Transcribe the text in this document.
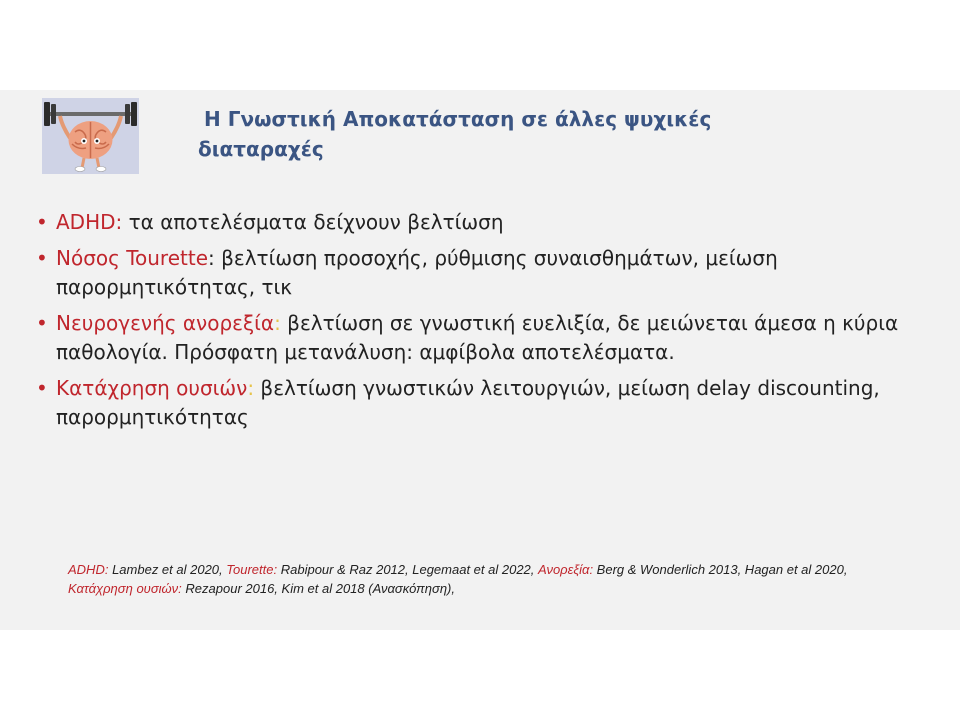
Η Γνωστική Αποκατάσταση σε άλλες ψυχικές
διαταραχές
• ADHD: τα αποτελέσματα δείχνουν βελτίωση
• Νόσος Tourette: βελτίωση προσοχής, ρύθμισης συναισθημάτων, μείωση παρορμητικότητας, τικ
• Νευρογενής ανορεξία: βελτίωση σε γνωστική ευελιξία, δε μειώνεται άμεσα η κύρια παθολογία. Πρόσφατη μετανάλυση: αμφίβολα αποτελέσματα.
• Κατάχρηση ουσιών: βελτίωση γνωστικών λειτουργιών, μείωση delay discounting, παρορμητικότητας
ADHD: Lambez et al 2020, Tourette: Rabipour & Raz 2012, Legemaat et al 2022, Ανορεξία: Berg & Wonderlich 2013, Hagan et al 2020,
Κατάχρηση ουσιών: Rezapour 2016, Kim et al 2018 (Ανασκόπηση),
